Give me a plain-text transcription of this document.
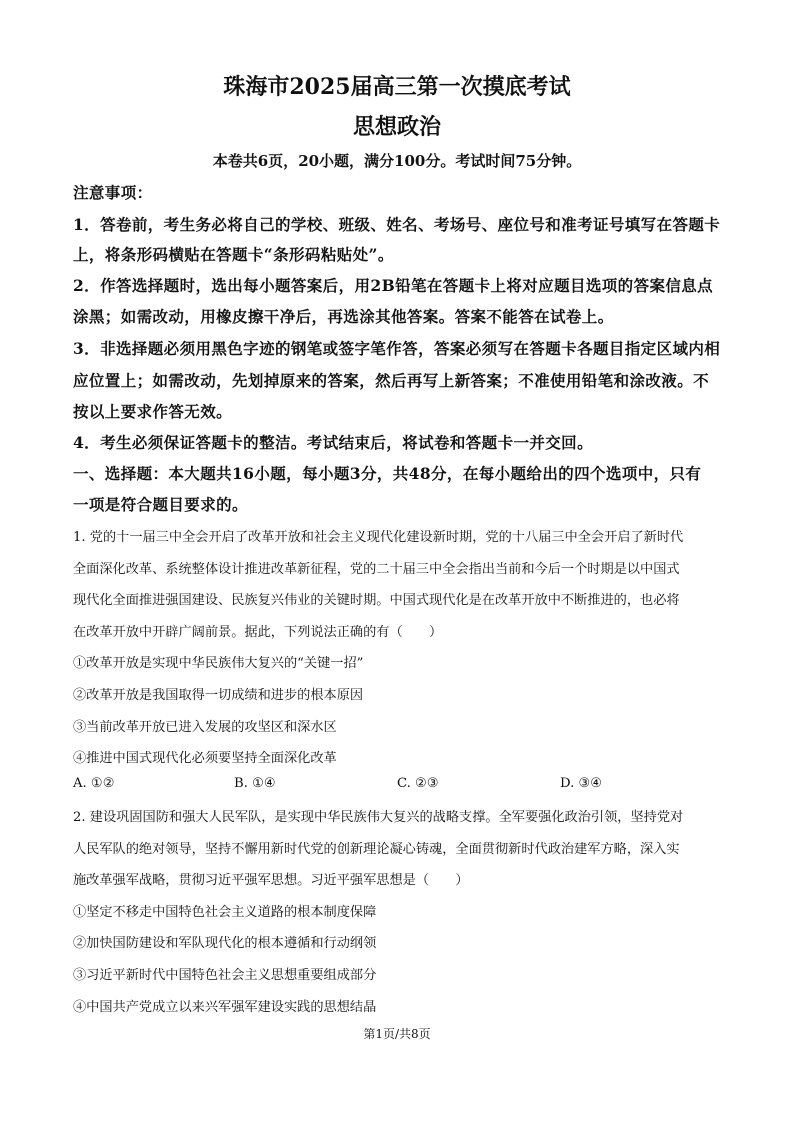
珠海市2025届高三第一次摸底考试
思想政治
本卷共6页，20小题，满分100分。考试时间75分钟。
注意事项：
1．答卷前，考生务必将自己的学校、班级、姓名、考场号、座位号和准考证号填写在答题卡
上，将条形码横贴在答题卡“条形码粘贴处”。
2．作答选择题时，选出每小题答案后，用2B铅笔在答题卡上将对应题目选项的答案信息点
涂黑；如需改动，用橡皮擦干净后，再选涂其他答案。答案不能答在试卷上。
3．非选择题必须用黑色字迹的钢笔或签字笔作答，答案必须写在答题卡各题目指定区域内相
应位置上；如需改动，先划掉原来的答案，然后再写上新答案；不准使用铅笔和涂改液。不
按以上要求作答无效。
4．考生必须保证答题卡的整洁。考试结束后，将试卷和答题卡一并交回。
一、选择题：本大题共16小题，每小题3分，共48分，在每小题给出的四个选项中，只有
一项是符合题目要求的。
1. 党的十一届三中全会开启了改革开放和社会主义现代化建设新时期，党的十八届三中全会开启了新时代
全面深化改革、系统整体设计推进改革新征程，党的二十届三中全会指出当前和今后一个时期是以中国式
现代化全面推进强国建设、民族复兴伟业的关键时期。中国式现代化是在改革开放中不断推进的，也必将
在改革开放中开辟广阔前景。据此，下列说法正确的有（　　）
①改革开放是实现中华民族伟大复兴的“关键一招”
②改革开放是我国取得一切成绩和进步的根本原因
③当前改革开放已进入发展的攻坚区和深水区
④推进中国式现代化必须要坚持全面深化改革
A. ①②	B. ①④	C. ②③	D. ③④
2. 建设巩固国防和强大人民军队，是实现中华民族伟大复兴的战略支撑。全军要强化政治引领，坚持党对
人民军队的绝对领导，坚持不懈用新时代党的创新理论凝心铸魂，全面贯彻新时代政治建军方略，深入实
施改革强军战略，贯彻习近平强军思想。习近平强军思想是（　　）
①坚定不移走中国特色社会主义道路的根本制度保障
②加快国防建设和军队现代化的根本遵循和行动纲领
③习近平新时代中国特色社会主义思想重要组成部分
④中国共产党成立以来兴军强军建设实践的思想结晶
第1页/共8页
